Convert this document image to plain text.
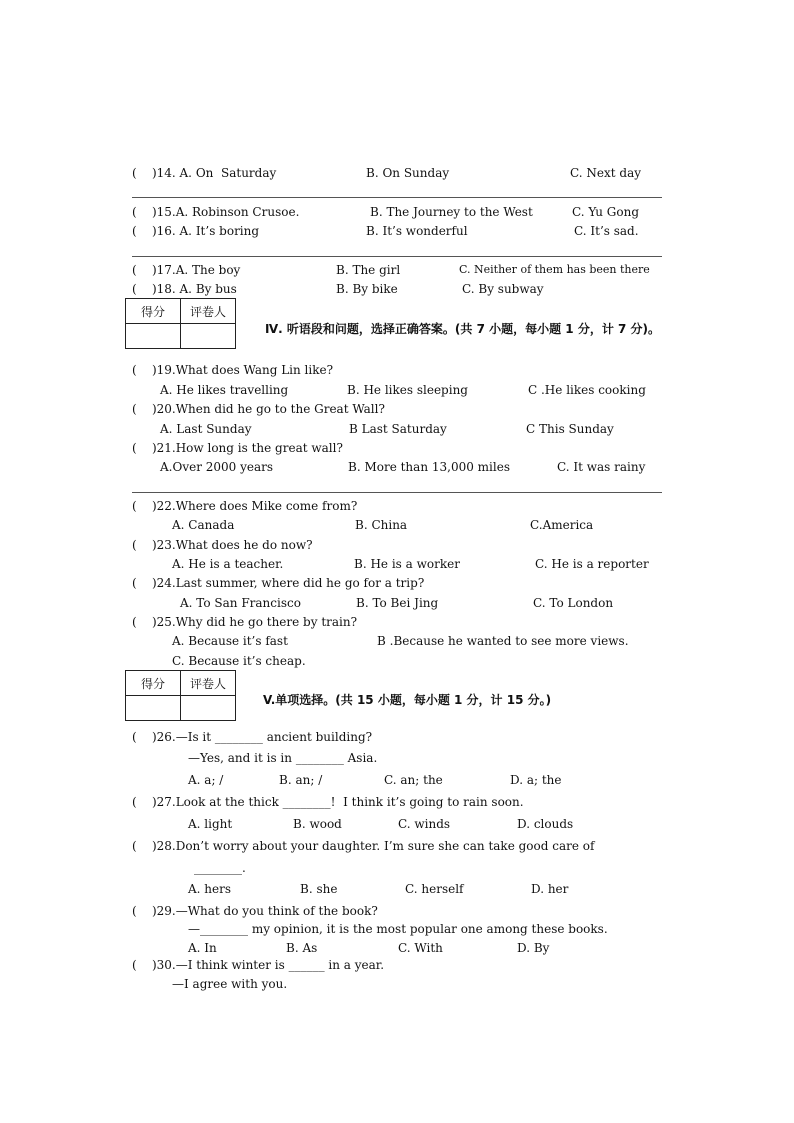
(    )14. A. On  Saturday	B. On Sunday	C. Next day
(    )15.A. Robinson Crusoe.	B. The Journey to the West	C. Yu Gong
(    )16. A. It’s boring	B. It’s wonderful	C. It’s sad.
(    )17.A. The boy	B. The girl	C. Neither of them has been there
(    )18. A. By bus	B. By bike	C. By subway
得分	评卷人

Ⅳ. 听语段和问题，选择正确答案。(共 7 小题，每小题 1 分，计 7 分)。
(    )19.What does Wang Lin like?
A. He likes travelling	B. He likes sleeping	C .He likes cooking
(    )20.When did he go to the Great Wall?
A. Last Sunday	B Last Saturday	C This Sunday
(    )21.How long is the great wall?
A.Over 2000 years	B. More than 13,000 miles	C. It was rainy
(    )22.Where does Mike come from?
A. Canada	B. China	C.America
(    )23.What does he do now?
A. He is a teacher.	B. He is a worker	C. He is a reporter
(    )24.Last summer, where did he go for a trip?
A. To San Francisco	B. To Bei Jing	C. To London
(    )25.Why did he go there by train?
A. Because it’s fast	B .Because he wanted to see more views.
C. Because it’s cheap.
得分	评卷人

V.单项选择。(共 15 小题，每小题 1 分，计 15 分。)
(    )26.—Is it ________ ancient building?
—Yes, and it is in ________ Asia.
A. a; /	B. an; /	C. an; the	D. a; the
(    )27.Look at the thick ________!  I think it’s going to rain soon.
A. light	B. wood	C. winds	D. clouds
(    )28.Don’t worry about your daughter. I’m sure she can take good care of
________.
A. hers	B. she	C. herself	D. her
(    )29.—What do you think of the book?
—________ my opinion, it is the most popular one among these books.
A. In	B. As	C. With	D. By
(    )30.—I think winter is ______ in a year.
—I agree with you.
